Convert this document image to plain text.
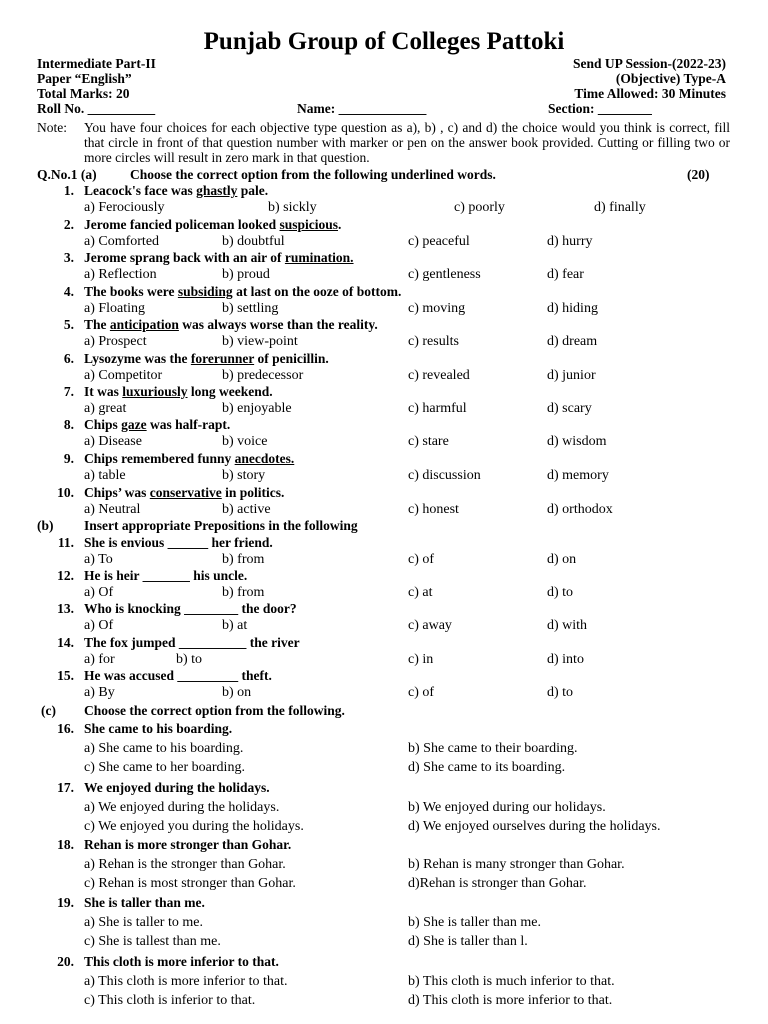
Punjab Group of Colleges Pattoki
Intermediate Part-II
Paper “English”
Total Marks: 20
Send UP Session-(2022-23)
(Objective) Type-A
Time Allowed: 30 Minutes
Roll No. __________	Name: _____________	Section: ________
Note: You have four choices for each objective type question as a), b) , c) and d) the choice would you think is correct, fill that circle in front of that question number with marker or pen on the answer book provided. Cutting or filling two or more circles will result in zero mark in that question.
Q.No.1 (a) Choose the correct option from the following underlined words.	(20)
1. Leacock's face was ghastly pale.
a) Ferociously	b) sickly	c) poorly	d) finally
2. Jerome fancied policeman looked suspicious.
a) Comforted	b) doubtful	c) peaceful	d) hurry
3. Jerome sprang back with an air of rumination.
a) Reflection	b) proud	c) gentleness	d) fear
4. The books were subsiding at last on the ooze of bottom.
a) Floating	b) settling	c) moving	d) hiding
5. The anticipation was always worse than the reality.
a) Prospect	b) view-point	c) results	d) dream
6. Lysozyme was the forerunner of penicillin.
a) Competitor	b) predecessor	c) revealed	d) junior
7. It was luxuriously long weekend.
a) great	b) enjoyable	c) harmful	d) scary
8. Chips gaze was half-rapt.
a) Disease	b) voice	c) stare	d) wisdom
9. Chips remembered funny anecdotes.
a) table	b) story	c) discussion	d) memory
10. Chips’ was conservative in politics.
a) Neutral	b) active	c) honest	d) orthodox
(b) Insert appropriate Prepositions in the following
11. She is envious ______ her friend.
a) To	b) from	c) of	d) on
12. He is heir _______ his uncle.
a) Of	b) from	c) at	d) to
13. Who is knocking ________ the door?
a) Of	b) at	c) away	d) with
14. The fox jumped __________ the river
a) for	b) to	c) in	d) into
15. He was accused _________ theft.
a) By	b) on	c) of	d) to
(c) Choose the correct option from the following.
16. She came to his boarding.
a) She came to his boarding.	b) She came to their boarding.
c) She came to her boarding.	d) She came to its boarding.
17. We enjoyed during the holidays.
a) We enjoyed during the holidays.	b) We enjoyed during our holidays.
c) We enjoyed you during the holidays.	d) We enjoyed ourselves during the holidays.
18. Rehan is more stronger than Gohar.
a) Rehan is the stronger than Gohar.	b) Rehan is many stronger than Gohar.
c) Rehan is most stronger than Gohar.	d)Rehan is stronger than Gohar.
19. She is taller than me.
a) She is taller to me.	b) She is taller than me.
c) She is tallest than me.	d) She is taller than l.
20. This cloth is more inferior to that.
a) This cloth is more inferior to that.	b) This cloth is much inferior to that.
c) This cloth is inferior to that.	d) This cloth is more inferior to that.
